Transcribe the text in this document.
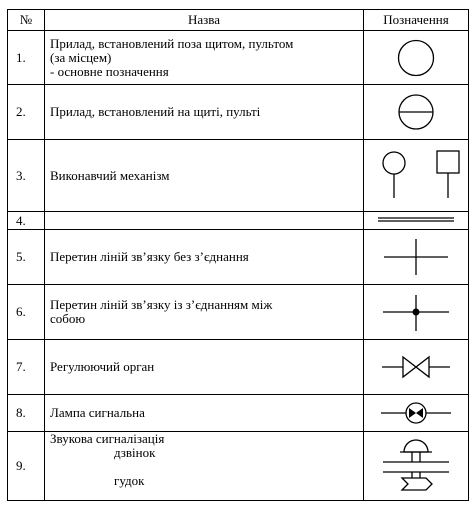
№	Назва	Позначення
1.	Прилад, встановлений поза щитом, пультом
(за місцем)
- основне позначення

2.	Прилад, встановлений на щиті, пульті	

3.	Виконавчий механізм	

4.		

5.	Перетин ліній зв’язку без з’єднання	

6.	Перетин ліній зв’язку із з’єднанням між
собою

7.	Регулюючий орган	

8.	Лампа сигнальна	

9.	Звукова сигналізація
дзвінок
гудок
